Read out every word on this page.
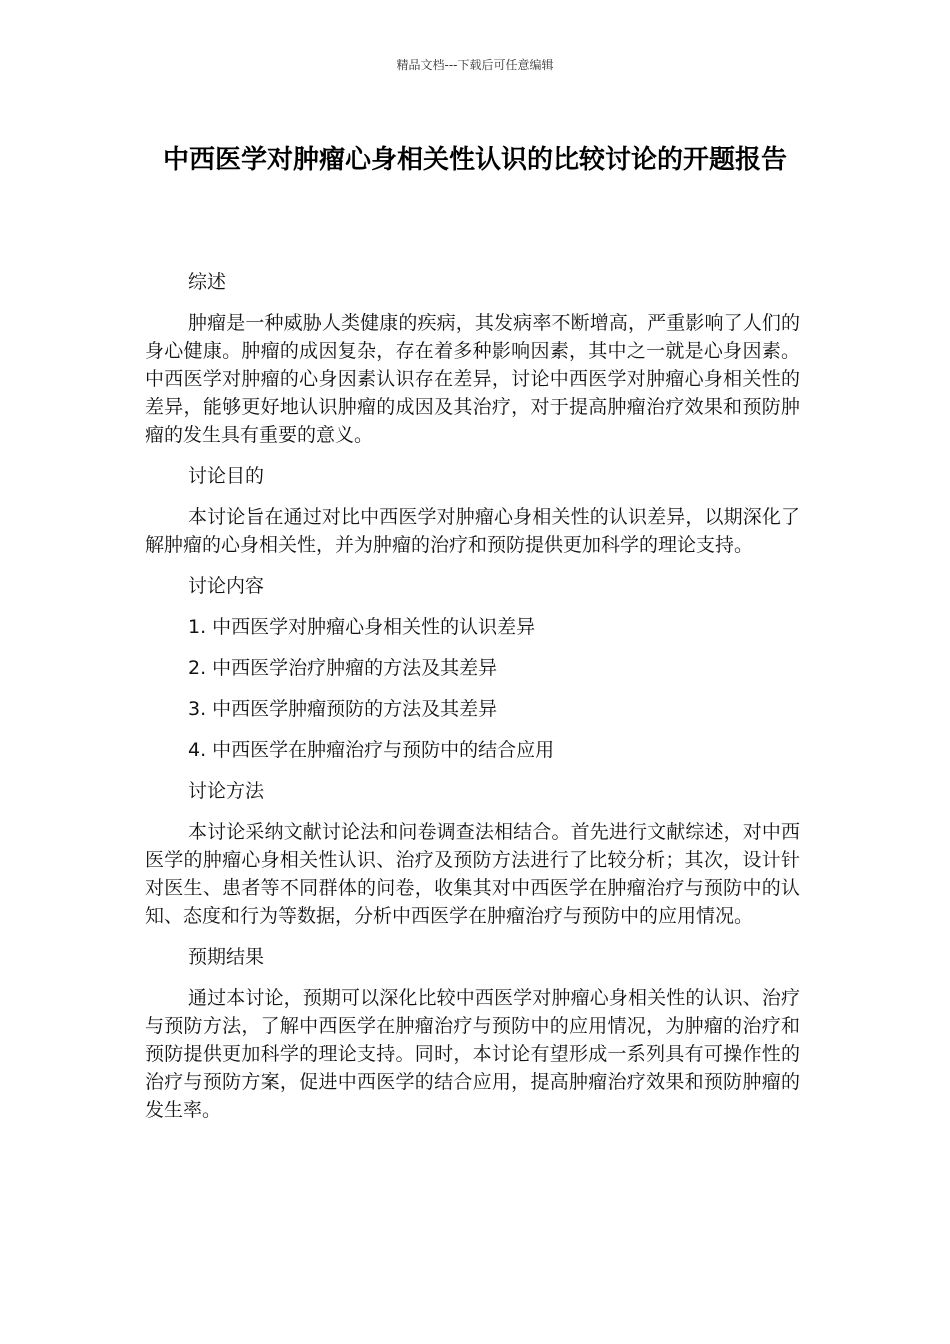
精品文档---下载后可任意编辑
中西医学对肿瘤心身相关性认识的比较讨论的开题报告

综述

肿瘤是一种威胁人类健康的疾病，其发病率不断增高，严重影响了人们的身心健康。肿瘤的成因复杂，存在着多种影响因素，其中之一就是心身因素。中西医学对肿瘤的心身因素认识存在差异，讨论中西医学对肿瘤心身相关性的差异，能够更好地认识肿瘤的成因及其治疗，对于提高肿瘤治疗效果和预防肿瘤的发生具有重要的意义。

讨论目的

本讨论旨在通过对比中西医学对肿瘤心身相关性的认识差异，以期深化了解肿瘤的心身相关性，并为肿瘤的治疗和预防提供更加科学的理论支持。

讨论内容

1. 中西医学对肿瘤心身相关性的认识差异

2. 中西医学治疗肿瘤的方法及其差异

3. 中西医学肿瘤预防的方法及其差异

4. 中西医学在肿瘤治疗与预防中的结合应用

讨论方法

本讨论采纳文献讨论法和问卷调查法相结合。首先进行文献综述，对中西医学的肿瘤心身相关性认识、治疗及预防方法进行了比较分析；其次，设计针对医生、患者等不同群体的问卷，收集其对中西医学在肿瘤治疗与预防中的认知、态度和行为等数据，分析中西医学在肿瘤治疗与预防中的应用情况。

预期结果

通过本讨论，预期可以深化比较中西医学对肿瘤心身相关性的认识、治疗与预防方法，了解中西医学在肿瘤治疗与预防中的应用情况，为肿瘤的治疗和预防提供更加科学的理论支持。同时，本讨论有望形成一系列具有可操作性的治疗与预防方案，促进中西医学的结合应用，提高肿瘤治疗效果和预防肿瘤的发生率。
